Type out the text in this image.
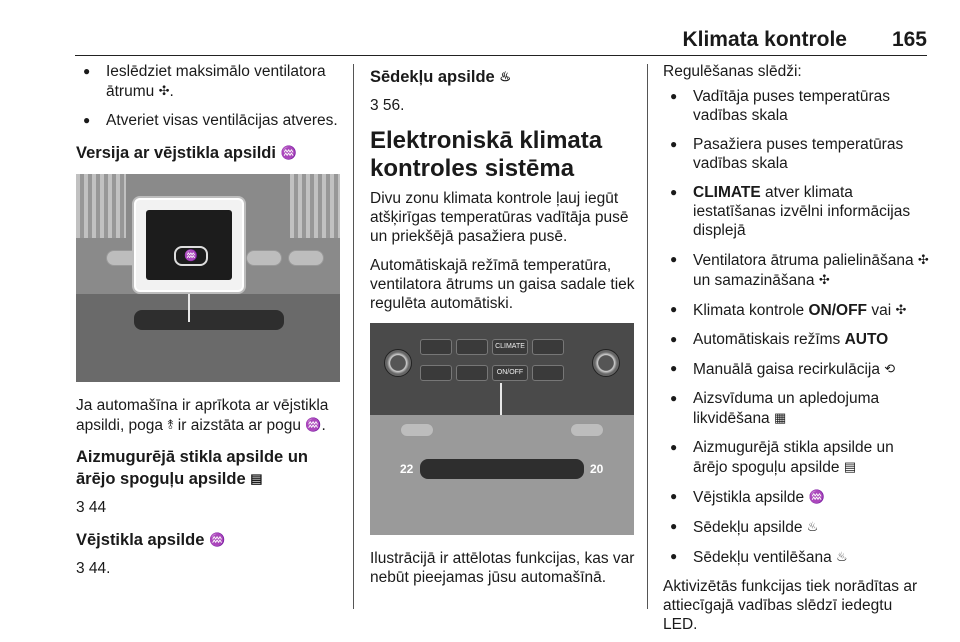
Klimata kontrole 165
● Ieslēdziet maksimālo ventilatora ātrumu ✣.
● Atveriet visas ventilācijas atveres.
Versija ar vējstikla apsildi ♒
♒
Ja automašīna ir aprīkota ar vējstikla apsildi, poga ⥉ ir aizstāta ar pogu ♒.
Aizmugurējā stikla apsilde un ārējo spoguļu apsilde ▤
3 44
Vējstikla apsilde ♒
3 44.
Sēdekļu apsilde ♨
3 56.
Elektroniskā klimata kontroles sistēma
Divu zonu klimata kontrole ļauj iegūt atšķirīgas temperatūras vadītāja pusē un priekšējā pasažiera pusē.
Automātiskajā režīmā temperatūra, ventilatora ātrums un gaisa sadale tiek regulēta automātiski.
CLIMATE
ON/OFF
22	20
Ilustrācijā ir attēlotas funkcijas, kas var nebūt pieejamas jūsu automašīnā.
Regulēšanas slēdži:
● Vadītāja puses temperatūras vadības skala
● Pasažiera puses temperatūras vadības skala
● CLIMATE atver klimata iestatīšanas izvēlni informācijas displejā
● Ventilatora ātruma palielināšana ✣ un samazināšana ✣
● Klimata kontrole ON/OFF vai ✣
● Automātiskais režīms AUTO
● Manuālā gaisa recirkulācija ⟲
● Aizsvīduma un apledojuma likvidēšana ▦
● Aizmugurējā stikla apsilde un ārējo spoguļu apsilde ▤
● Vējstikla apsilde ♒
● Sēdekļu apsilde ♨
● Sēdekļu ventilēšana ♨
Aktivizētās funkcijas tiek norādītas ar attiecīgajā vadības slēdzī iedegtu LED.
